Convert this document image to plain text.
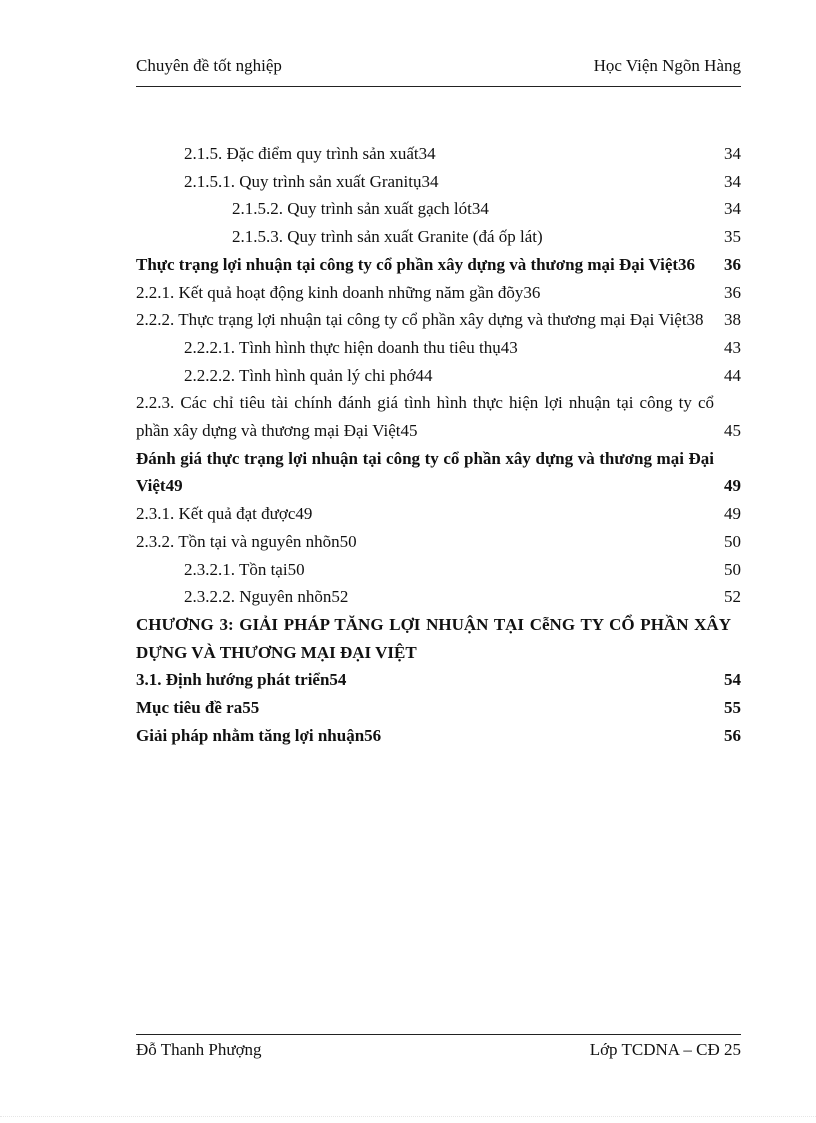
Chuyên đề tốt nghiệp	Học Viện Ngõn Hàng
2.1.5. Đặc điểm quy trình sản xuất34	34
2.1.5.1. Quy trình sản xuất Granitụ34	34
2.1.5.2. Quy trình sản xuất gạch lót34	34
2.1.5.3. Quy trình sản xuất Granite (đá ốp lát)	35
Thực trạng lợi nhuận tại công ty cổ phần xây dựng và thương mại Đại Việt36	36
2.2.1. Kết quả hoạt động kinh doanh những năm gần đõy36	36
2.2.2. Thực trạng lợi nhuận tại công ty cổ phần xây dựng và thương mại Đại Việt38	38
2.2.2.1. Tình hình thực hiện doanh thu tiêu thụ43	43
2.2.2.2. Tình hình quản lý chi phớ44	44
2.2.3. Các chỉ tiêu tài chính đánh giá tình hình thực hiện lợi nhuận tại công ty cổ phần xây dựng và thương mại Đại Việt45	45
Đánh giá thực trạng lợi nhuận tại công ty cổ phần xây dựng và thương mại Đại Việt49	49
2.3.1. Kết quả đạt được49	49
2.3.2. Tồn tại và nguyên nhõn50	50
2.3.2.1. Tồn tại50	50
2.3.2.2. Nguyên nhõn52	52
CHƯƠNG 3: GIẢI PHÁP TĂNG LỢI NHUẬN TẠI CễNG TY CỔ PHẦN XÂY DỰNG VÀ THƯƠNG MẠI ĐẠI VIỆT
3.1. Định hướng phát triển54	54
Mục tiêu đề ra55	55
Giải pháp nhằm tăng lợi nhuận56	56
Đỗ Thanh Phượng	Lớp TCDNA – CĐ 25
